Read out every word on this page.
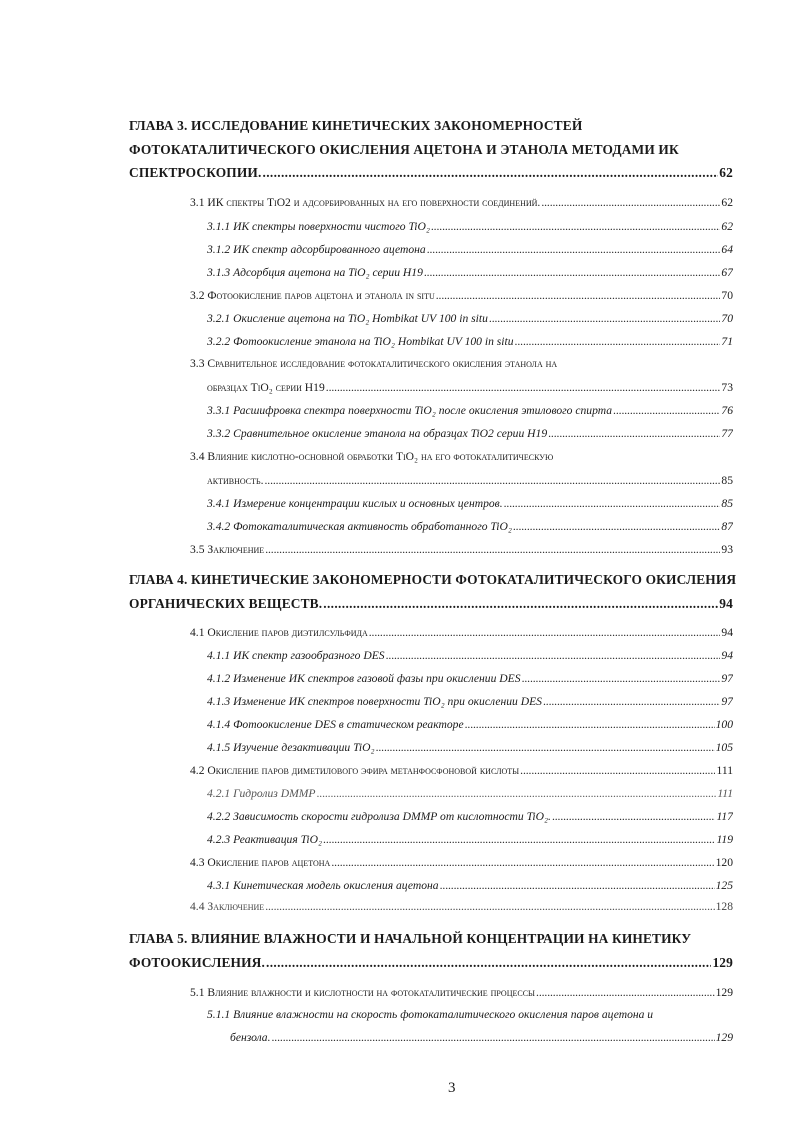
ГЛАВА 3. ИССЛЕДОВАНИЕ КИНЕТИЧЕСКИХ ЗАКОНОМЕРНОСТЕЙ
ФОТОКАТАЛИТИЧЕСКОГО ОКИСЛЕНИЯ АЦЕТОНА И ЭТАНОЛА МЕТОДАМИ ИК
СПЕКТРОСКОПИИ. . . .	62
3.1 ИК спектры TiO2 и адсорбированных на его поверхности соединений. . . .	62
3.1.1 ИК спектры поверхности чистого TiO₂ . . .	62
3.1.2 ИК спектр адсорбированного ацетона . . .	64
3.1.3 Адсорбция ацетона на TiO₂ серии H19 . . .	67
3.2 Фотоокисление паров ацетона и этанола in situ . . .	70
3.2.1 Окисление ацетона на TiO₂ Hombikat UV 100 in situ . . .	70
3.2.2 Фотоокисление этанола на TiO₂ Hombikat UV 100 in situ . . .	71
3.3 Сравнительное исследование фотокаталитического окисления этанола на
образцах TiO₂ серии H19 . . .	73
3.3.1 Расшифровка спектра поверхности TiO₂ после окисления этилового спирта . . .	76
3.3.2 Сравнительное окисление этанола на образцах TiO2 серии H19 . . .	77
3.4 Влияние кислотно-основной обработки TiO₂ на его фотокаталитическую
активность. . . .	85
3.4.1 Измерение концентрации кислых и основных центров. . . .	85
3.4.2 Фотокаталитическая активность обработанного TiO₂ . . .	87
3.5 Заключение . . .	93
ГЛАВА 4. КИНЕТИЧЕСКИЕ ЗАКОНОМЕРНОСТИ ФОТОКАТАЛИТИЧЕСКОГО ОКИСЛЕНИЯ
ОРГАНИЧЕСКИХ ВЕЩЕСТВ. . . .	94
4.1 Окисление паров диэтилсульфида . . .	94
4.1.1 ИК спектр газообразного DES . . .	94
4.1.2 Изменение ИК спектров газовой фазы при окислении DES . . .	97
4.1.3 Изменение ИК спектров поверхности TiO₂ при окислении DES . . .	97
4.1.4 Фотоокисление DES в статическом реакторе . . .	100
4.1.5 Изучение дезактивации TiO₂ . . .	105
4.2 Окисление паров диметилового эфира метанфосфоновой кислоты . . .	111
4.2.1 Гидролиз DMMP . . .	111
4.2.2 Зависимость скорости гидролиза DMMP от кислотности TiO₂. . . .	117
4.2.3 Реактивация TiO₂ . . .	119
4.3 Окисление паров ацетона . . .	120
4.3.1 Кинетическая модель окисления ацетона . . .	125
4.4 Заключение . . .	128
ГЛАВА 5. ВЛИЯНИЕ ВЛАЖНОСТИ И НАЧАЛЬНОЙ КОНЦЕНТРАЦИИ НА КИНЕТИКУ
ФОТООКИСЛЕНИЯ. . . .	129
5.1 Влияние влажности и кислотности на фотокаталитические процессы . . .	129
5.1.1 Влияние влажности на скорость фотокаталитического окисления паров ацетона и
бензола. . . .	129
3
